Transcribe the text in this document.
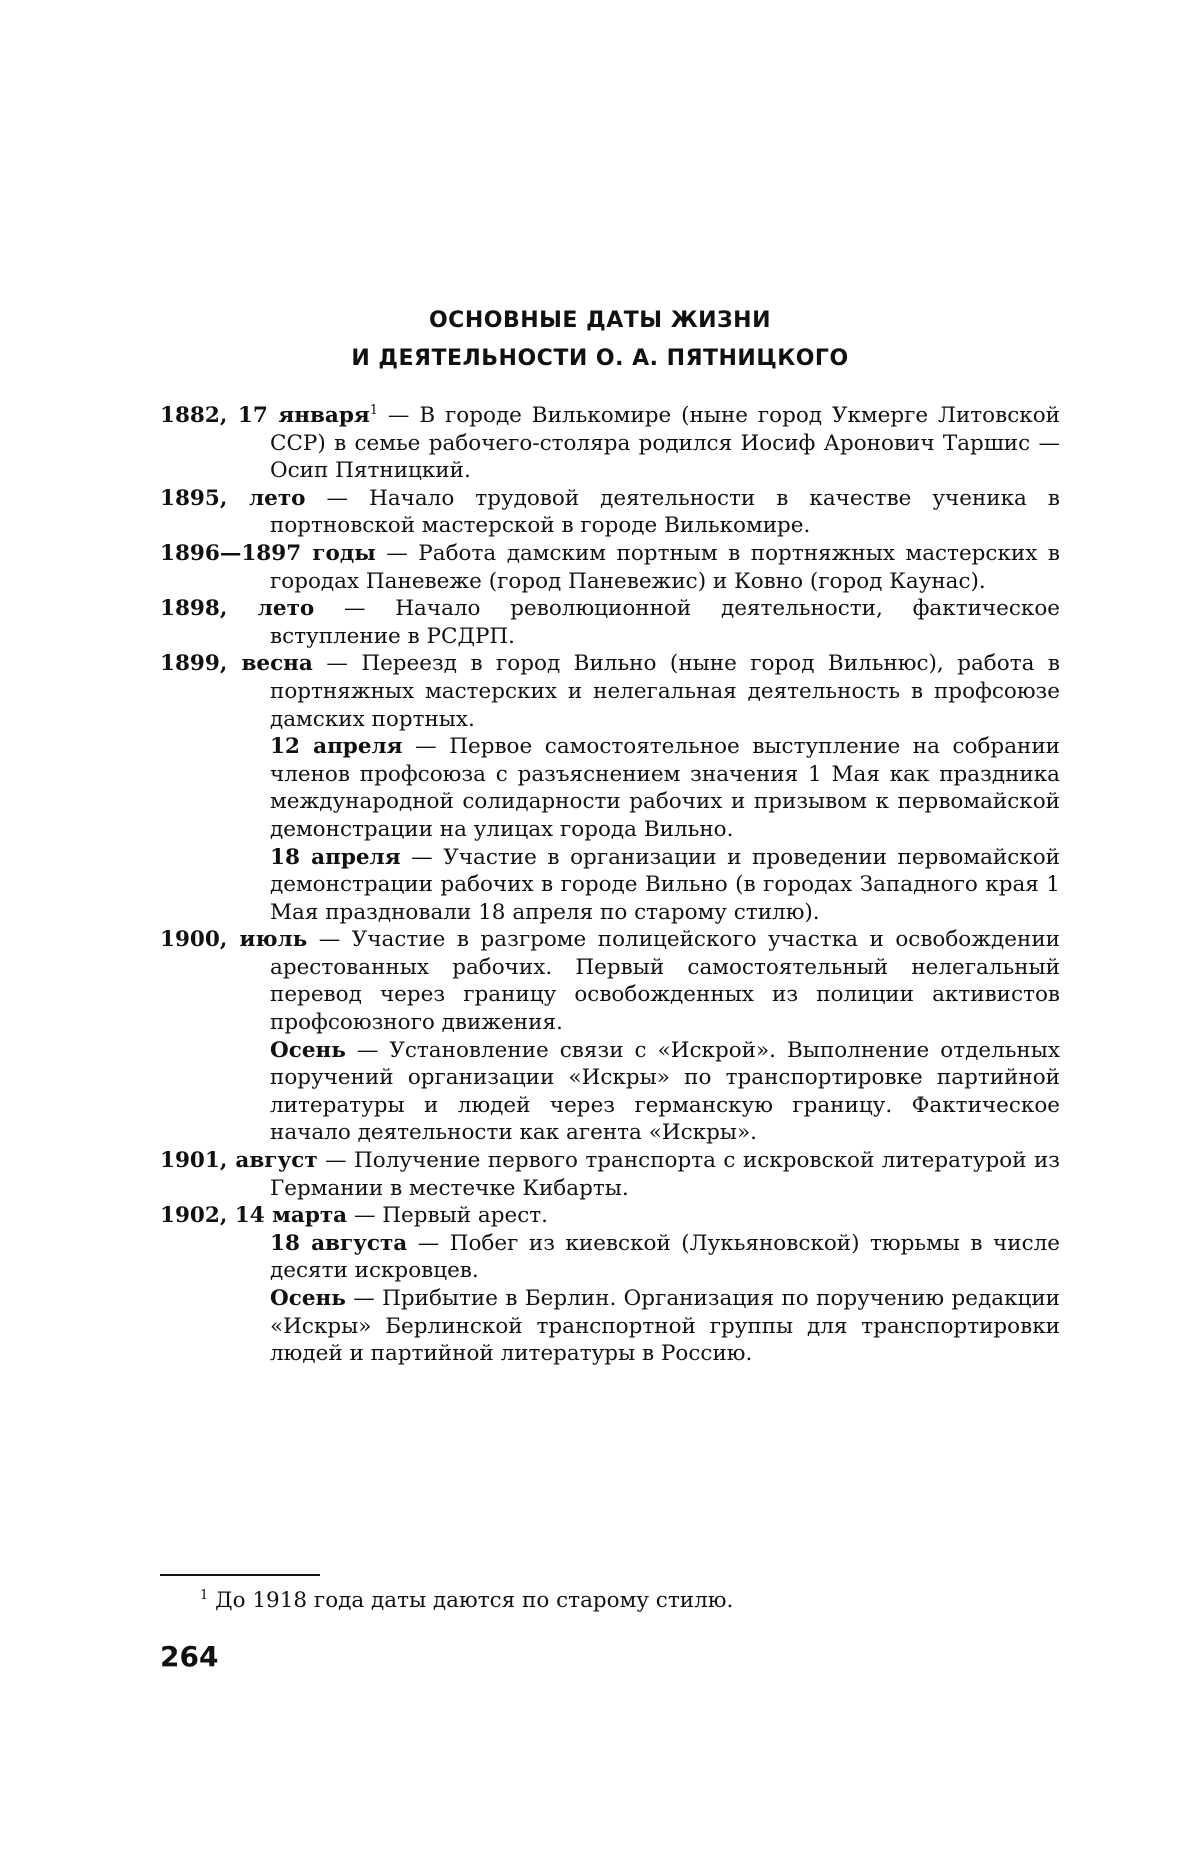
ОСНОВНЫЕ ДАТЫ ЖИЗНИ
И ДЕЯТЕЛЬНОСТИ О. А. ПЯТНИЦКОГО

1882, 17 января$^1$ — В городе Вилькомире (ныне город Укмерге Литовской ССР) в семье рабочего-столяра родился Иосиф Аронович Таршис — Осип Пятницкий.

1895, лето — Начало трудовой деятельности в качестве ученика в портновской мастерской в городе Вилькомире.

1896—1897 годы — Работа дамским портным в портняжных мастерских в городах Паневеже (город Паневежис) и Ковно (город Каунас).

1898, лето — Начало революционной деятельности, фактическое вступление в РСДРП.

1899, весна — Переезд в город Вильно (ныне город Вильнюс), работа в портняжных мастерских и нелегальная деятельность в профсоюзе дамских портных.

12 апреля — Первое самостоятельное выступление на собрании членов профсоюза с разъяснением значения 1 Мая как праздника международной солидарности рабочих и призывом к первомайской демонстрации на улицах города Вильно.

18 апреля — Участие в организации и проведении первомайской демонстрации рабочих в городе Вильно (в городах Западного края 1 Мая праздновали 18 апреля по старому стилю).

1900, июль — Участие в разгроме полицейского участка и освобождении арестованных рабочих. Первый самостоятельный нелегальный перевод через границу освобожденных из полиции активистов профсоюзного движения.

Осень — Установление связи с «Искрой». Выполнение отдельных поручений организации «Искры» по транспортировке партийной литературы и людей через германскую границу. Фактическое начало деятельности как агента «Искры».

1901, август — Получение первого транспорта с искровской литературой из Германии в местечке Кибарты.

1902, 14 марта — Первый арест.

18 августа — Побег из киевской (Лукьяновской) тюрьмы в числе десяти искровцев.

Осень — Прибытие в Берлин. Организация по поручению редакции «Искры» Берлинской транспортной группы для транспортировки людей и партийной литературы в Россию.

$^1$ До 1918 года даты даются по старому стилю.

264
